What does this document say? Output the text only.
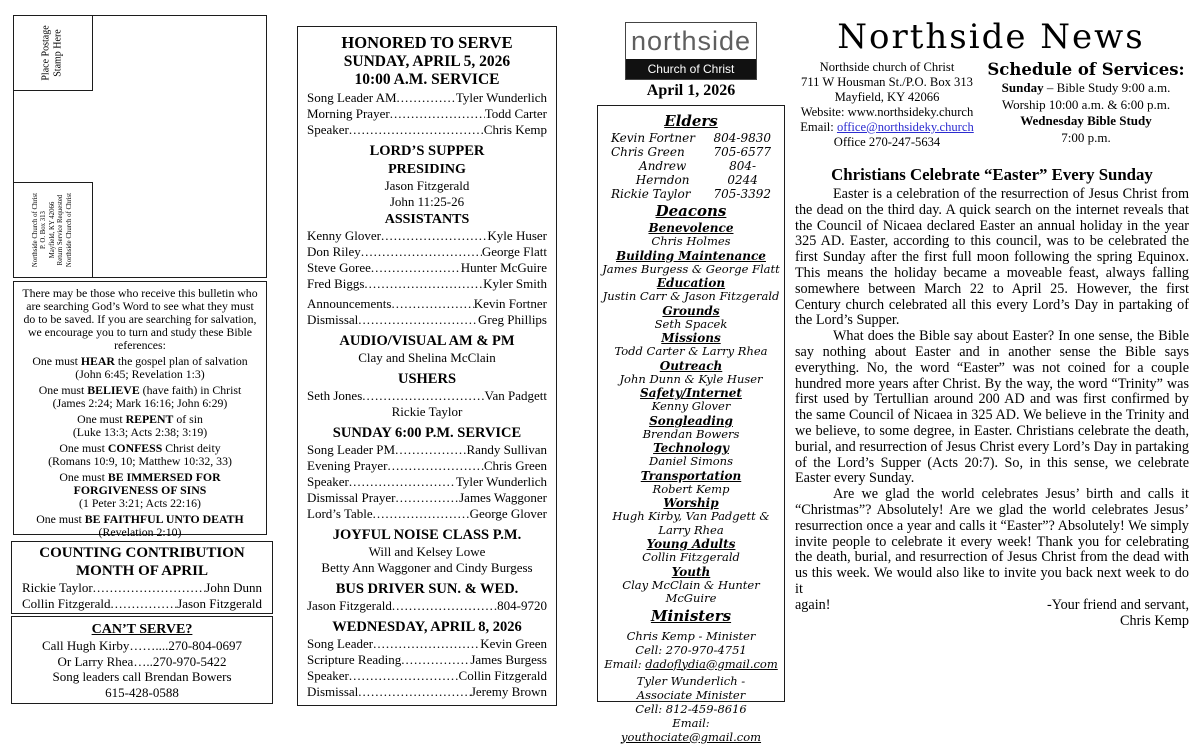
Place Postage Stamp Here
Northside Church of Christ P. O. Box 313 Mayfield, KY 42066 Return Service Requested Northside Church of Christ
There may be those who receive this bulletin who are searching God’s Word to see what they must do to be saved. If you are searching for salvation, we encourage you to turn and study these Bible references:
One must HEAR the gospel plan of salvation
(John 6:45; Revelation 1:3)
One must BELIEVE (have faith) in Christ
(James 2:24; Mark 16:16; John 6:29)
One must REPENT of sin
(Luke 13:3; Acts 2:38; 3:19)
One must CONFESS Christ deity
(Romans 10:9, 10; Matthew 10:32, 33)
One must BE IMMERSED FOR FORGIVENESS OF SINS
(1 Peter 3:21; Acts 22:16)
One must BE FAITHFUL UNTO DEATH
(Revelation 2:10)
COUNTING CONTRIBUTION
MONTH OF APRIL
Rickie Taylor .....	John Dunn
Collin Fitzgerald .....	Jason Fitzgerald
CAN’T SERVE?
Call Hugh Kirby……....270-804-0697
Or Larry Rhea…..270-970-5422
Song leaders call Brendan Bowers
615-428-0588
HONORED TO SERVE
SUNDAY, APRIL 5, 2026
10:00 A.M. SERVICE
Song Leader AM .....	Tyler Wunderlich
Morning Prayer .....	Todd Carter
Speaker .....	Chris Kemp
LORD’S SUPPER
PRESIDING
Jason Fitzgerald
John 11:25-26
ASSISTANTS
Kenny Glover .....	Kyle Huser
Don Riley .....	George Flatt
Steve Goree .....	Hunter McGuire
Fred Biggs .....	Kyler Smith
Announcements .....	Kevin Fortner
Dismissal .....	Greg Phillips
AUDIO/VISUAL AM & PM
Clay and Shelina McClain
USHERS
Seth Jones .....	Van Padgett
Rickie Taylor
SUNDAY 6:00 P.M. SERVICE
Song Leader PM .....	Randy Sullivan
Evening Prayer .....	Chris Green
Speaker .....	Tyler Wunderlich
Dismissal Prayer .....	James Waggoner
Lord’s Table .....	George Glover
JOYFUL NOISE CLASS P.M.
Will and Kelsey Lowe
Betty Ann Waggoner and Cindy Burgess
BUS DRIVER SUN. & WED.
Jason Fitzgerald .....	804-9720
WEDNESDAY, APRIL 8, 2026
Song Leader .....	Kevin Green
Scripture Reading .....	James Burgess
Speaker .....	Collin Fitzgerald
Dismissal .....	Jeremy Brown
northside
Church of Christ
April 1, 2026
Elders
Kevin Fortner 804-9830
Chris Green 705-6577
Andrew Herndon
804-0244
Rickie Taylor 705-3392
Deacons
Benevolence
Chris Holmes
Building Maintenance
James Burgess & George Flatt
Education
Justin Carr & Jason Fitzgerald
Grounds
Seth Spacek
Missions
Todd Carter & Larry Rhea
Outreach
John Dunn & Kyle Huser
Safety/Internet
Kenny Glover
Songleading
Brendan Bowers
Technology
Daniel Simons
Transportation
Robert Kemp
Worship
Hugh Kirby, Van Padgett & Larry Rhea
Young Adults
Collin Fitzgerald
Youth
Clay McClain & Hunter McGuire
Ministers
Chris Kemp - Minister
Cell: 270-970-4751
Email: dadoflydia@gmail.com
Tyler Wunderlich -
Associate Minister
Cell: 812-459-8616
Email: youthociate@gmail.com
Northside News
Northside church of Christ
711 W Housman St./P.O. Box 313
Mayfield, KY 42066
Website: www.northsideky.church
Email: office@northsideky.church
Office 270-247-5634
Schedule of Services:
Sunday – Bible Study 9:00 a.m.
Worship 10:00 a.m. & 6:00 p.m.
Wednesday Bible Study
7:00 p.m.
Christians Celebrate “Easter” Every Sunday

Easter is a celebration of the resurrection of Jesus Christ from the dead on the third day. A quick search on the internet reveals that the Council of Nicaea declared Easter an annual holiday in the year 325 AD. Easter, according to this council, was to be celebrated the first Sunday after the first full moon following the spring Equinox. This means the holiday became a moveable feast, always falling somewhere between March 22 to April 25. However, the first Century church celebrated all this every Lord’s Day in partaking of the Lord’s Supper.

What does the Bible say about Easter? In one sense, the Bible say nothing about Easter and in another sense the Bible says everything. No, the word “Easter” was not coined for a couple hundred more years after Christ. By the way, the word “Trinity” was first used by Tertullian around 200 AD and was first confirmed by the same Council of Nicaea in 325 AD. We believe in the Trinity and we believe, to some degree, in Easter. Christians celebrate the death, burial, and resurrection of Jesus Christ every Lord’s Day in partaking of the Lord’s Supper (Acts 20:7). So, in this sense, we celebrate Easter every Sunday.

Are we glad the world celebrates Jesus’ birth and calls it “Christmas”? Absolutely! Are we glad the world celebrates Jesus’ resurrection once a year and calls it “Easter”? Absolutely! We simply invite people to celebrate it every week! Thank you for celebrating the death, burial, and resurrection of Jesus Christ from the dead with us this week. We would also like to invite you back next week to do it

again!	-Your friend and servant,
Chris Kemp
